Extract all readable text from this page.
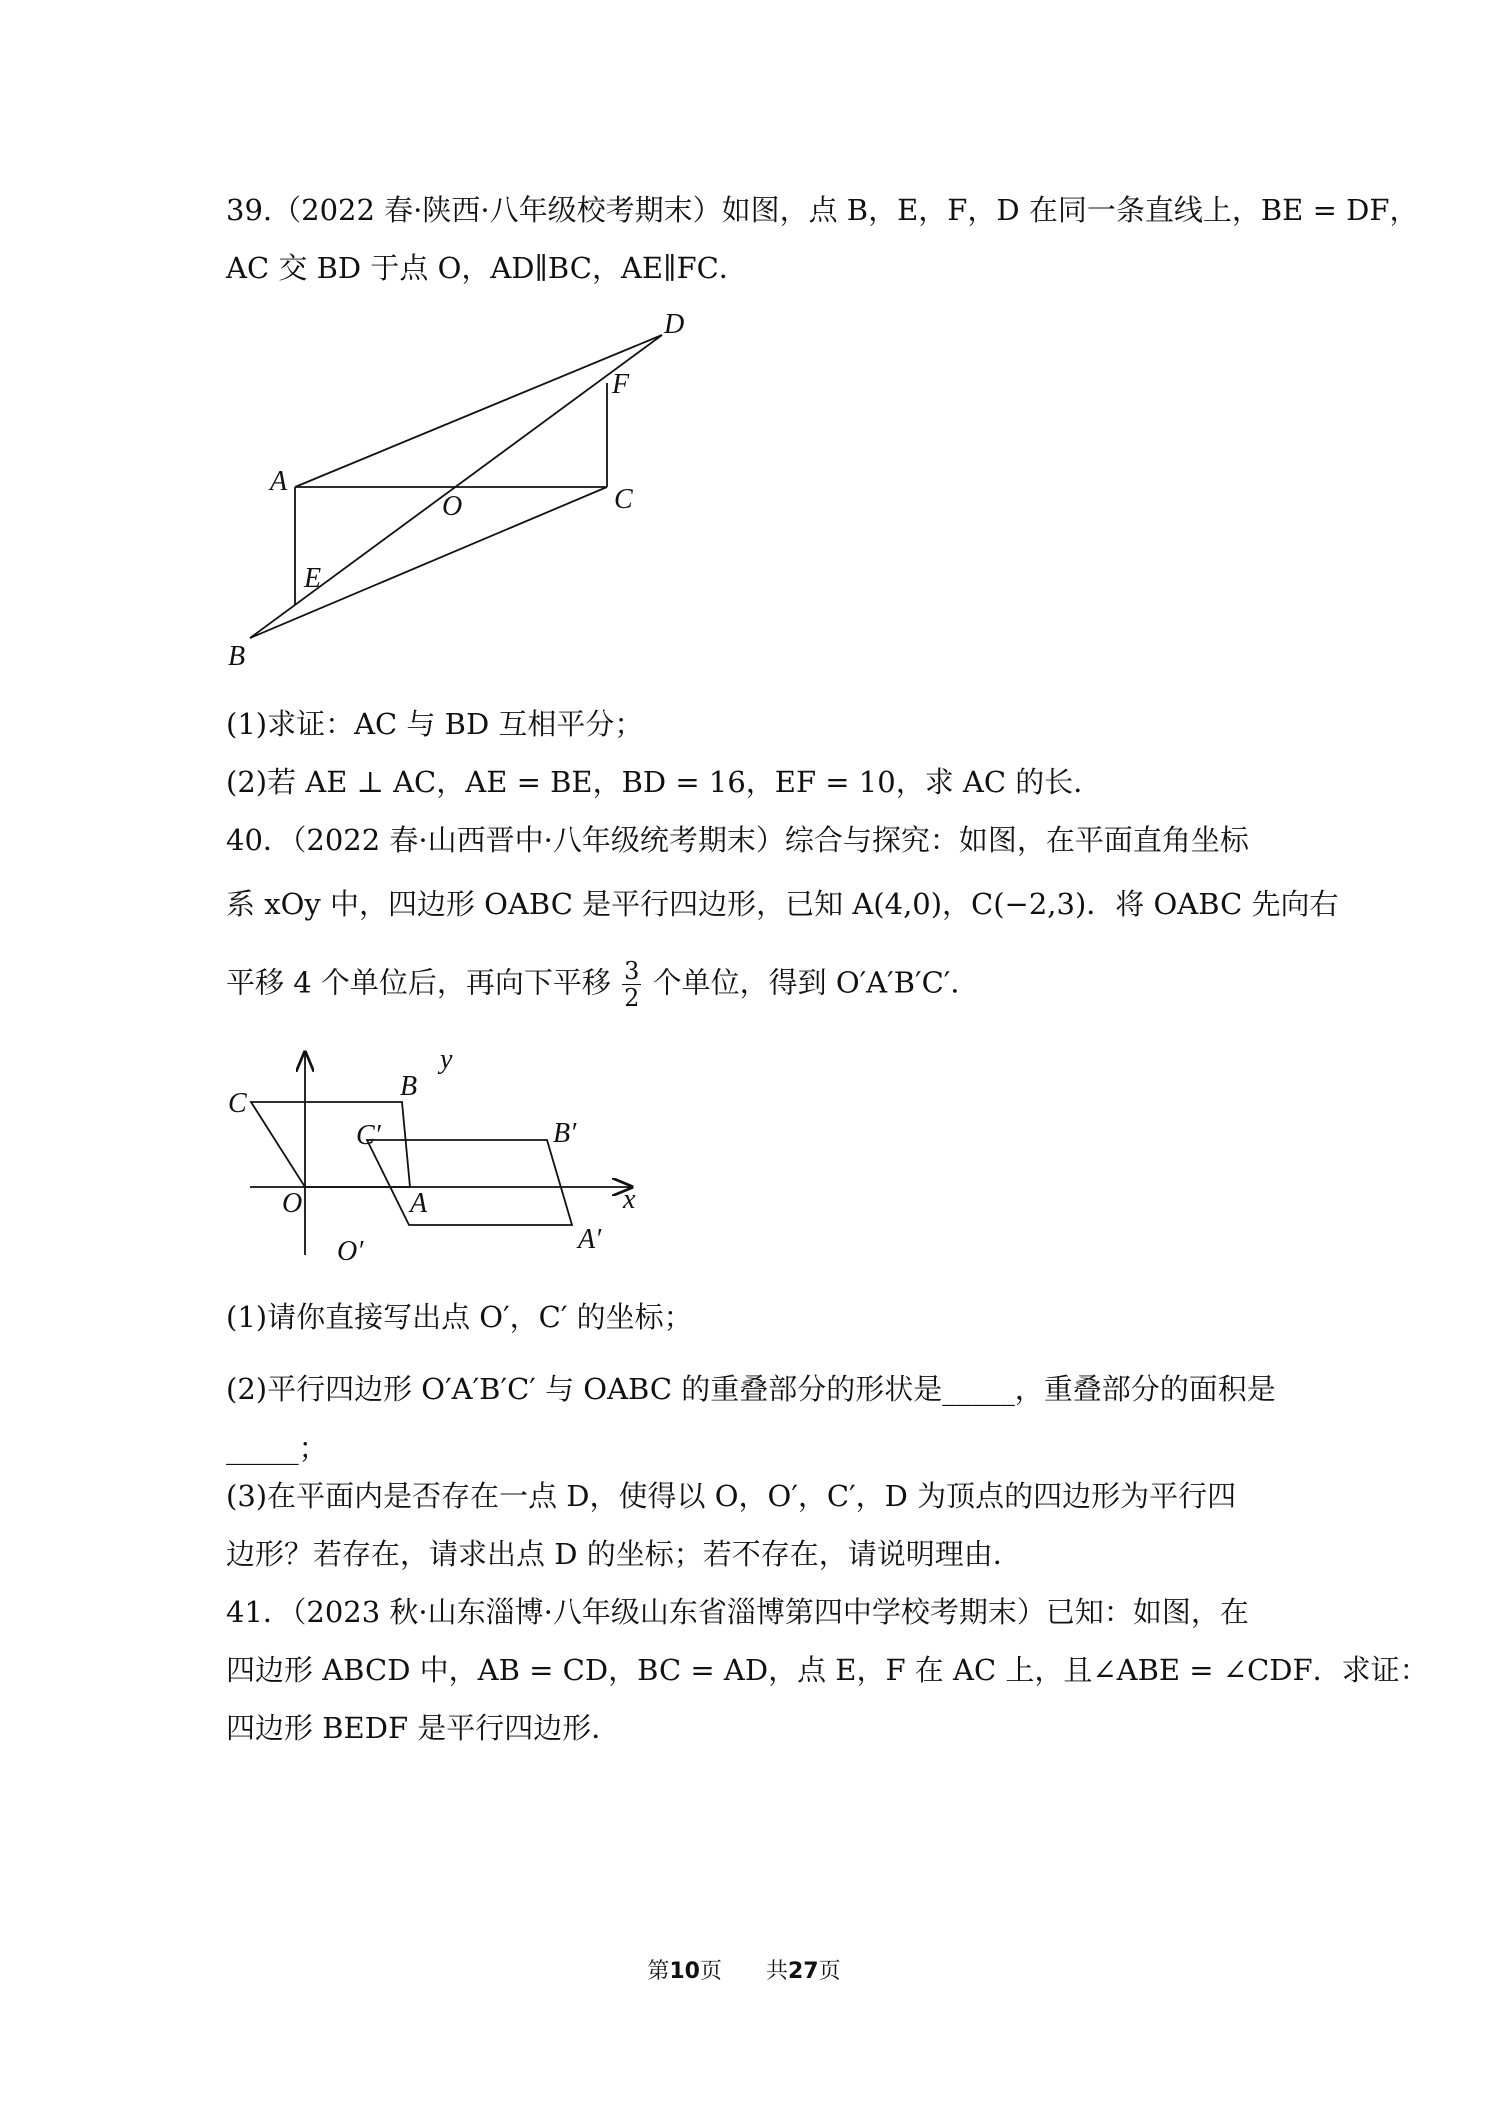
39.（2022 春·陕西·八年级校考期末）如图，点 B，E，F，D 在同一条直线上，BE = DF，
AC 交 BD 于点 O，AD∥BC，AE∥FC．
A
B
C
D
E
F
O
(1)求证：AC 与 BD 互相平分；
(2)若 AE ⊥ AC，AE = BE，BD = 16，EF = 10，求 AC 的长．
40．（2022 春·山西晋中·八年级统考期末）综合与探究：如图，在平面直角坐标
系 xOy 中，四边形 OABC 是平行四边形，已知 A(4,0)，C(−2,3)．将 OABC 先向右
平移 4 个单位后，再向下平移 $\frac{3}{2}$ 个单位，得到 O′A′B′C′．
O	A
B
C
y
x
O′	A′
B′
C′
(1)请你直接写出点 O′，C′ 的坐标；
(2)平行四边形 O′A′B′C′ 与 OABC 的重叠部分的形状是_____，重叠部分的面积是
_____；
(3)在平面内是否存在一点 D，使得以 O，O′，C′，D 为顶点的四边形为平行四
边形？若存在，请求出点 D 的坐标；若不存在，请说明理由．
41．（2023 秋·山东淄博·八年级山东省淄博第四中学校考期末）已知：如图，在
四边形 ABCD 中，AB = CD，BC = AD，点 E，F 在 AC 上，且∠ABE = ∠CDF．求证：
四边形 BEDF 是平行四边形．
第10页　　共27页
